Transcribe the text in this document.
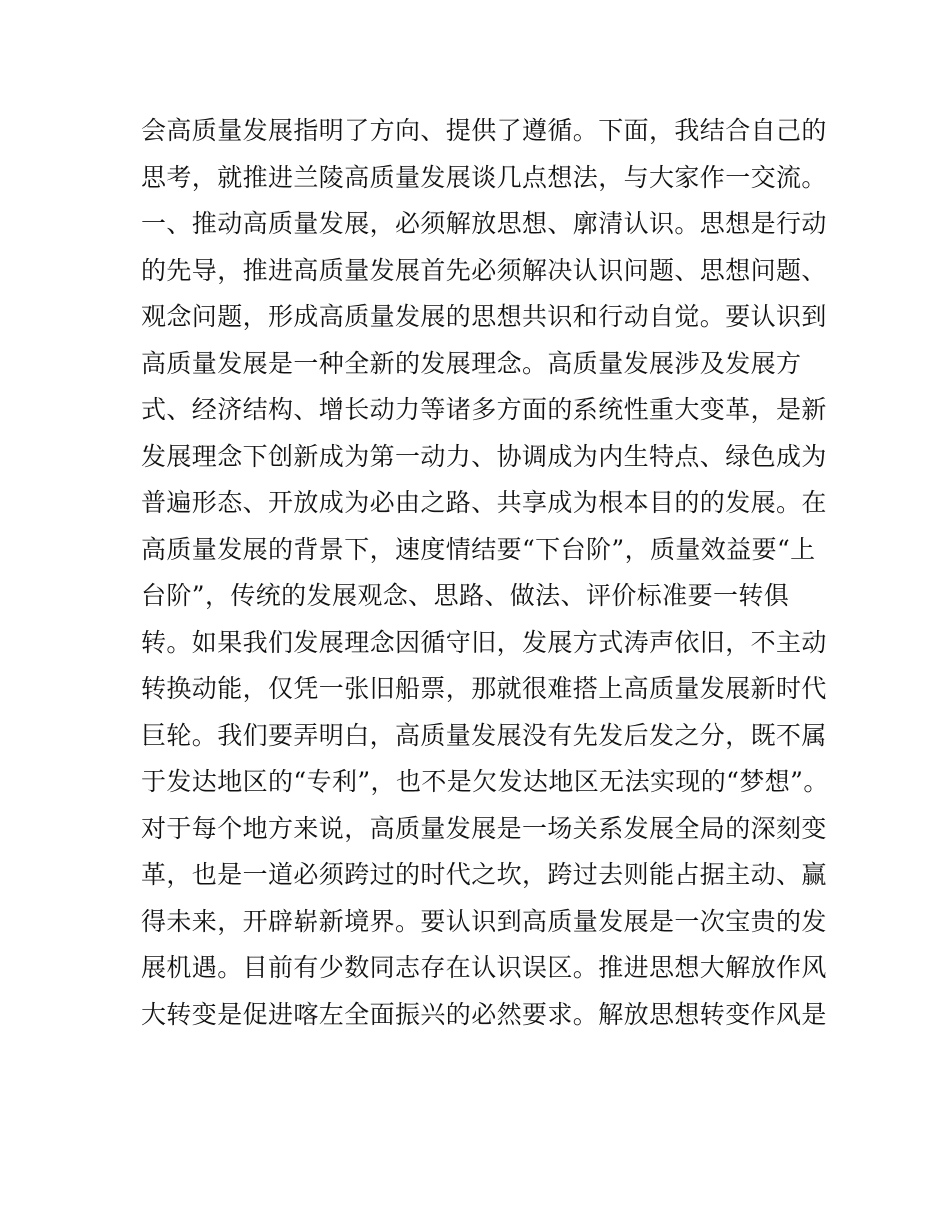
会高质量发展指明了方向、提供了遵循。下面，我结合自己的
思考，就推进兰陵高质量发展谈几点想法，与大家作一交流。
一、推动高质量发展，必须解放思想、廓清认识。思想是行动
的先导，推进高质量发展首先必须解决认识问题、思想问题、
观念问题，形成高质量发展的思想共识和行动自觉。要认识到
高质量发展是一种全新的发展理念。高质量发展涉及发展方
式、经济结构、增长动力等诸多方面的系统性重大变革，是新
发展理念下创新成为第一动力、协调成为内生特点、绿色成为
普遍形态、开放成为必由之路、共享成为根本目的的发展。在
高质量发展的背景下，速度情结要“下台阶”，质量效益要“上
台阶”，传统的发展观念、思路、做法、评价标准要一转俱
转。如果我们发展理念因循守旧，发展方式涛声依旧，不主动
转换动能，仅凭一张旧船票，那就很难搭上高质量发展新时代
巨轮。我们要弄明白，高质量发展没有先发后发之分，既不属
于发达地区的“专利”，也不是欠发达地区无法实现的“梦想”。
对于每个地方来说，高质量发展是一场关系发展全局的深刻变
革，也是一道必须跨过的时代之坎，跨过去则能占据主动、赢
得未来，开辟崭新境界。要认识到高质量发展是一次宝贵的发
展机遇。目前有少数同志存在认识误区。推进思想大解放作风
大转变是促进喀左全面振兴的必然要求。解放思想转变作风是
